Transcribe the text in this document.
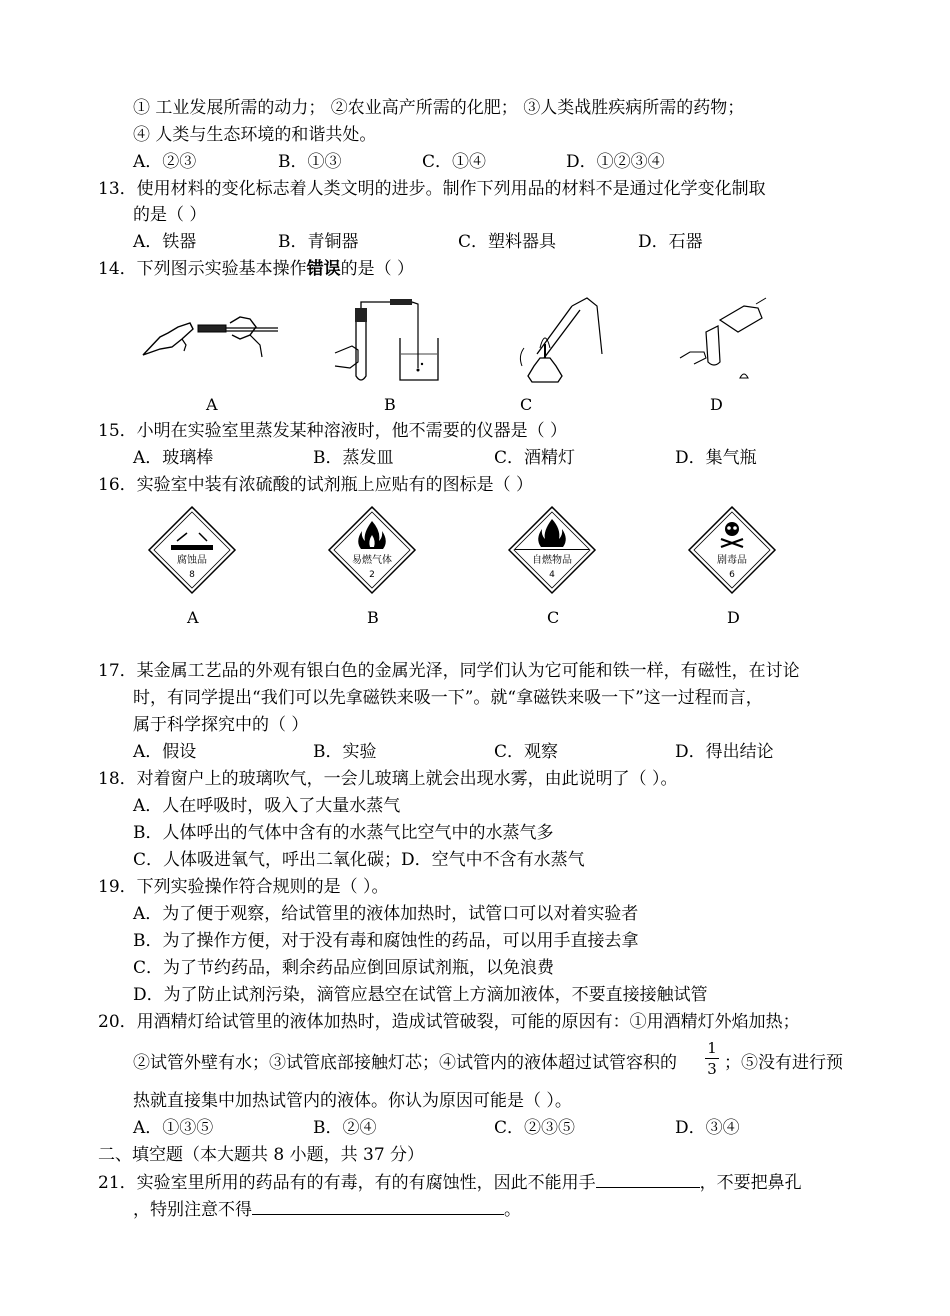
① 工业发展所需的动力； ②农业高产所需的化肥； ③人类战胜疾病所需的药物；
④ 人类与生态环境的和谐共处。
A．②③	B．①③	C．①④	D．①②③④
13．使用材料的变化标志着人类文明的进步。制作下列用品的材料不是通过化学变化制取
的是（ ）
A．铁器	B．青铜器	C．塑料器具	D．石器
14．下列图示实验基本操作错误的是（ ）
A	B	C	D
15．小明在实验室里蒸发某种溶液时，他不需要的仪器是（ ）
A．玻璃棒	B．蒸发皿	C．酒精灯	D．集气瓶
16．实验室中装有浓硫酸的试剂瓶上应贴有的图标是（ ）
腐蚀品
8
易燃气体
2
自燃物品
4
剧毒品
6
A	B	C	D
17．某金属工艺品的外观有银白色的金属光泽，同学们认为它可能和铁一样，有磁性，在讨论
时，有同学提出“我们可以先拿磁铁来吸一下”。就“拿磁铁来吸一下”这一过程而言，
属于科学探究中的（ ）
A．假设	B．实验	C．观察	D．得出结论
18．对着窗户上的玻璃吹气，一会儿玻璃上就会出现水雾，由此说明了（ ）。
A．人在呼吸时，吸入了大量水蒸气
B．人体呼出的气体中含有的水蒸气比空气中的水蒸气多
C．人体吸进氧气，呼出二氧化碳；D．空气中不含有水蒸气
19．下列实验操作符合规则的是（ ）。
A．为了便于观察，给试管里的液体加热时，试管口可以对着实验者
B．为了操作方便，对于没有毒和腐蚀性的药品，可以用手直接去拿
C．为了节约药品，剩余药品应倒回原试剂瓶，以免浪费
D．为了防止试剂污染，滴管应悬空在试管上方滴加液体，不要直接接触试管
20．用酒精灯给试管里的液体加热时，造成试管破裂，可能的原因有：①用酒精灯外焰加热；
②试管外壁有水；③试管底部接触灯芯；④试管内的液体超过试管容积的
1
3 ；⑤没有进行预
热就直接集中加热试管内的液体。你认为原因可能是（ ）。
A．①③⑤	B．②④	C．②③⑤	D．③④
二、填空题（本大题共 8 小题，共 37 分）
21．实验室里所用的药品有的有毒，有的有腐蚀性，因此不能用手	，不要把鼻孔
，特别注意不得	。
